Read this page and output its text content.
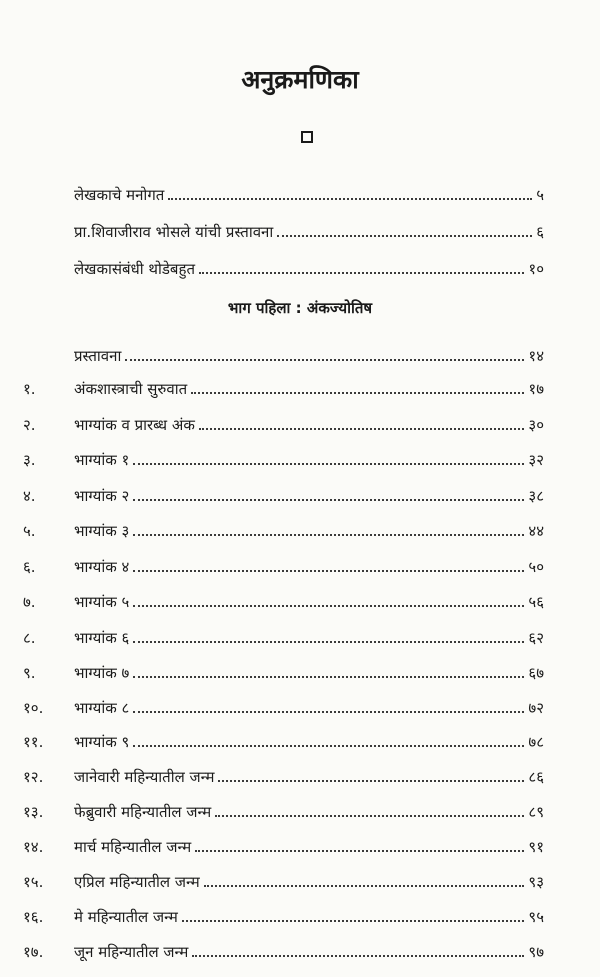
अनुक्रमणिका
लेखकाचे मनोगत	५
प्रा.शिवाजीराव भोसले यांची प्रस्तावना	६
लेखकासंबंधी थोडेबहुत	१०
भाग पहिला : अंकज्योतिष
प्रस्तावना	१४
१.	अंकशास्त्राची सुरुवात	१७
२.	भाग्यांक व प्रारब्ध अंक	३०
३.	भाग्यांक १	३२
४.	भाग्यांक २	३८
५.	भाग्यांक ३	४४
६.	भाग्यांक ४	५०
७.	भाग्यांक ५	५६
८.	भाग्यांक ६	६२
९.	भाग्यांक ७	६७
१०.	भाग्यांक ८	७२
११.	भाग्यांक ९	७८
१२.	जानेवारी महिन्यातील जन्म	८६
१३.	फेब्रुवारी महिन्यातील जन्म	८९
१४.	मार्च महिन्यातील जन्म	९१
१५.	एप्रिल महिन्यातील जन्म	९३
१६.	मे महिन्यातील जन्म	९५
१७.	जून महिन्यातील जन्म	९७
